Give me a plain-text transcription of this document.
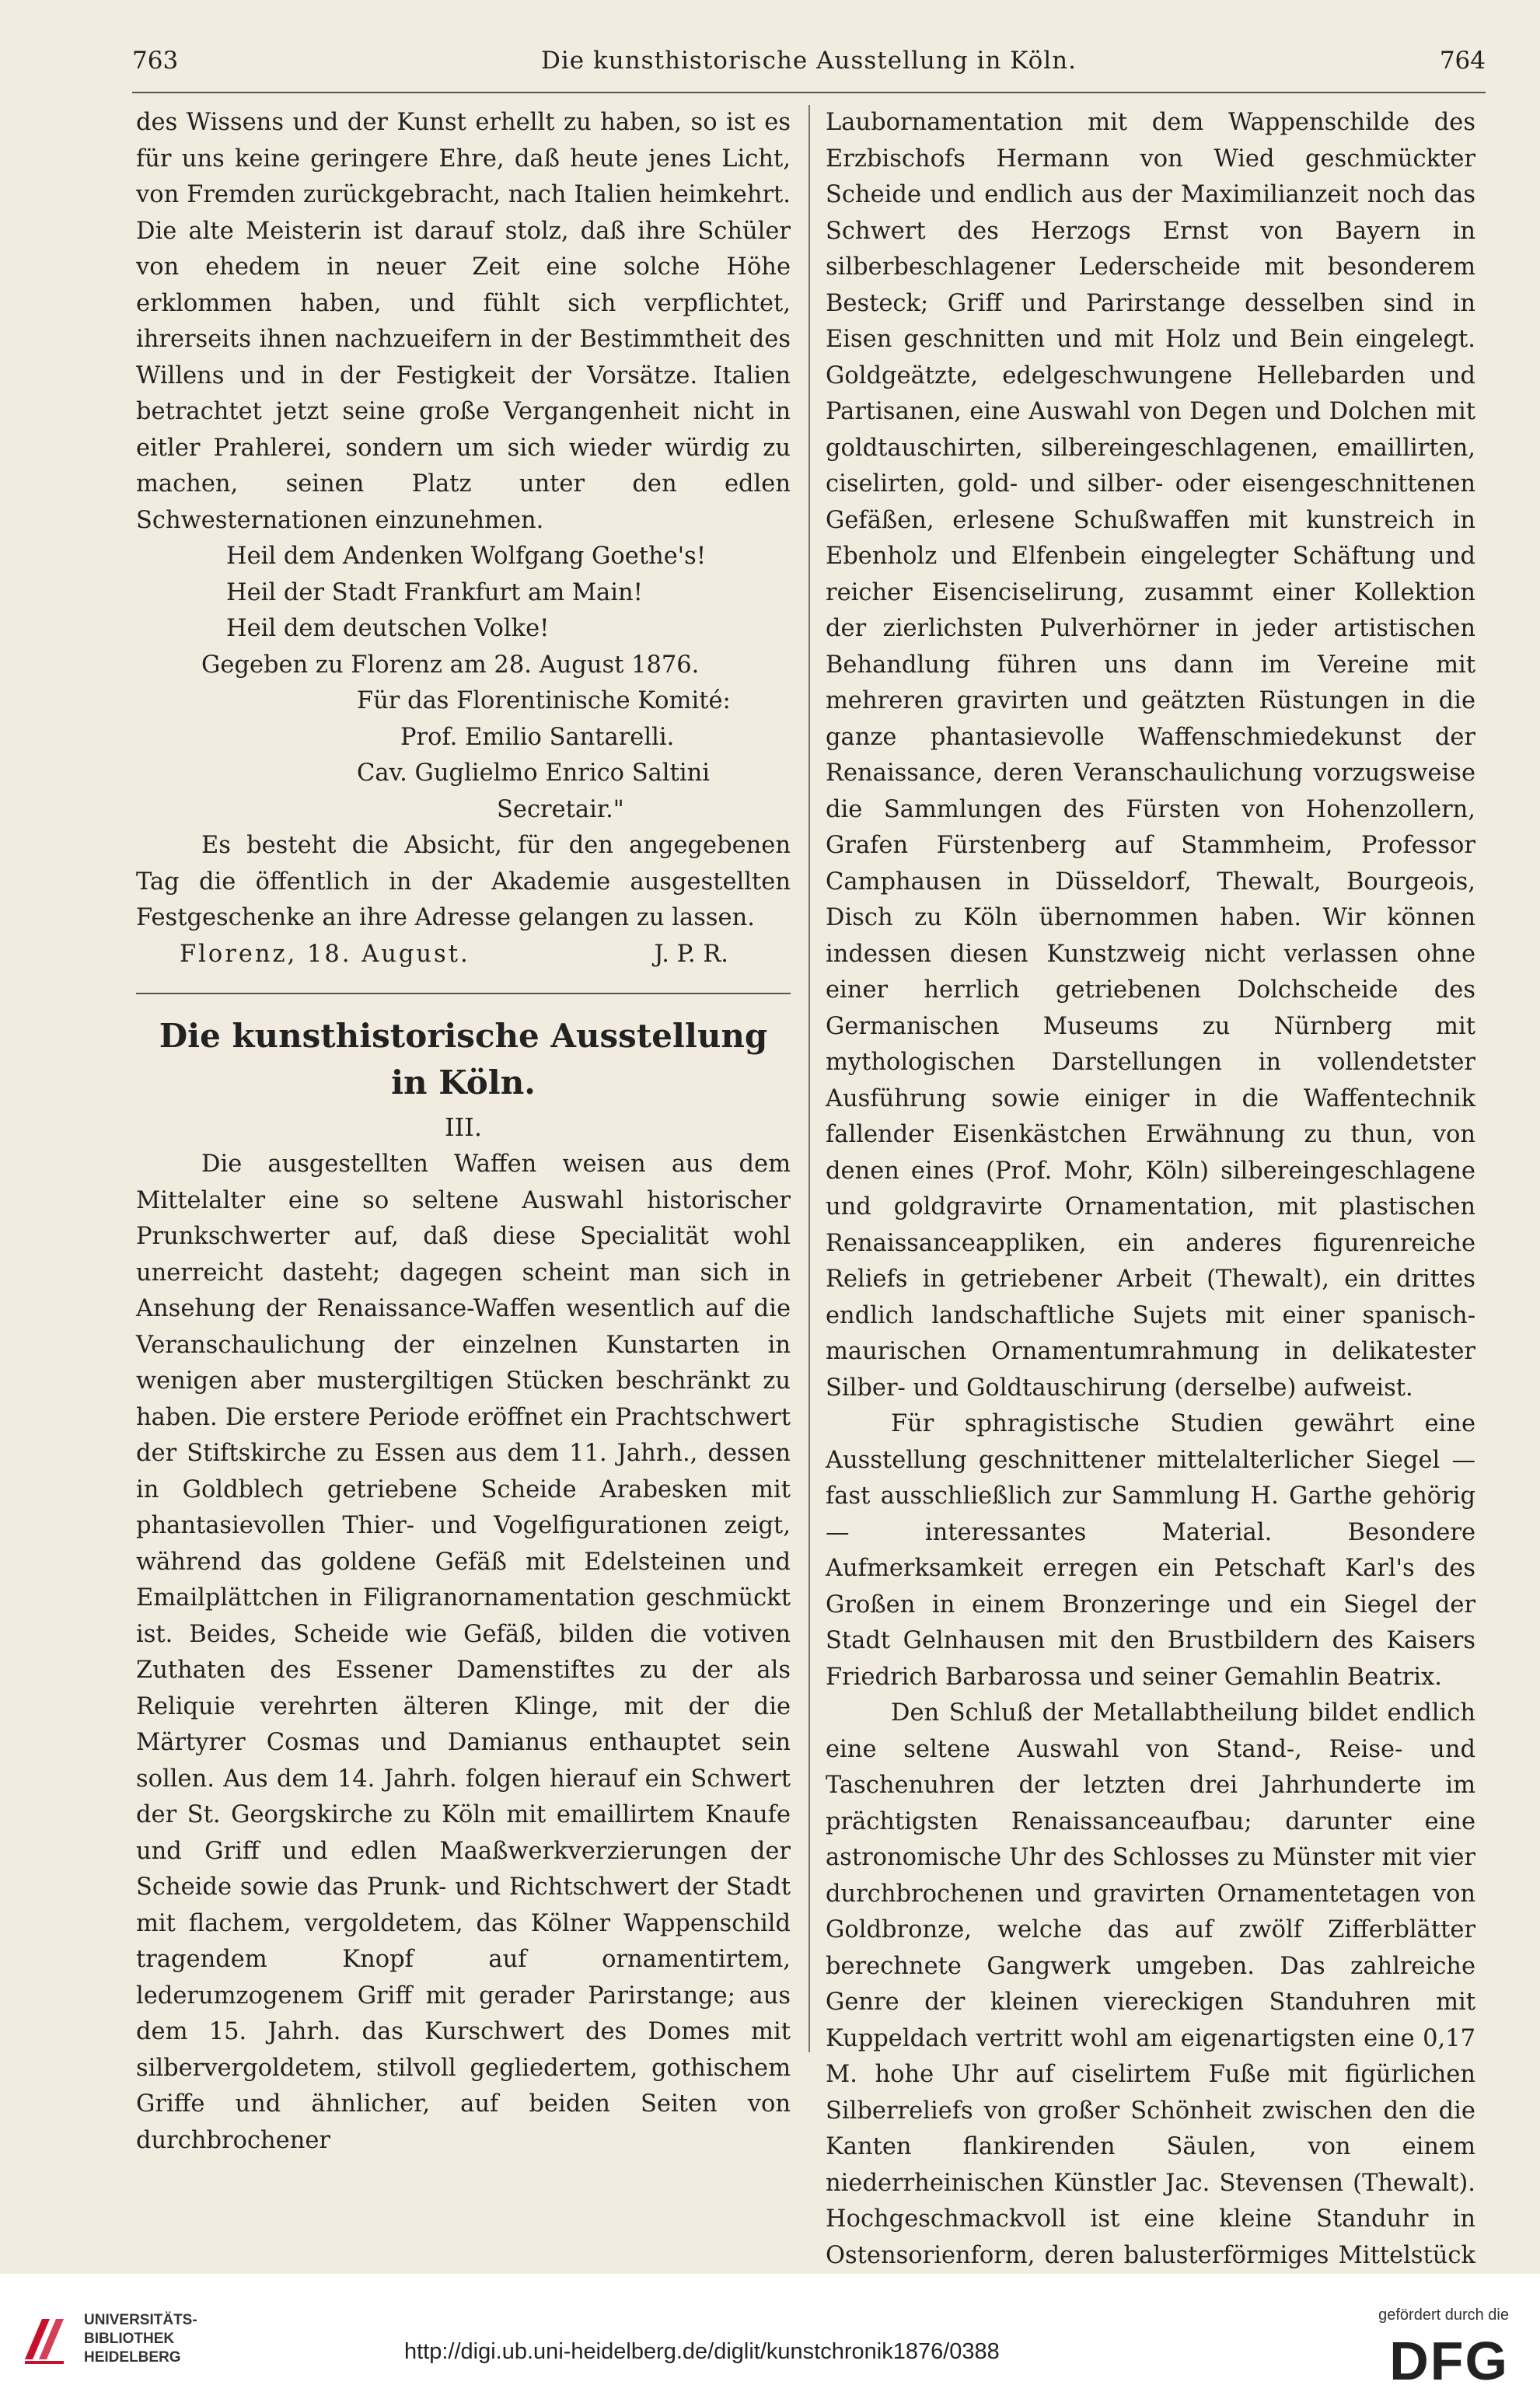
763	Die kunsthistorische Ausstellung in Köln.	764

des Wissens und der Kunst erhellt zu haben, so ist es für uns keine geringere Ehre, daß heute jenes Licht, von Fremden zurückgebracht, nach Italien heimkehrt. Die alte Meisterin ist darauf stolz, daß ihre Schüler von ehedem in neuer Zeit eine solche Höhe erklommen haben, und fühlt sich verpflichtet, ihrerseits ihnen nachzueifern in der Bestimmtheit des Willens und in der Festigkeit der Vorsätze. Italien betrachtet jetzt seine große Vergangenheit nicht in eitler Prahlerei, sondern um sich wieder würdig zu machen, seinen Platz unter den edlen Schwesternationen einzunehmen.

Heil dem Andenken Wolfgang Goethe's!

Heil der Stadt Frankfurt am Main!

Heil dem deutschen Volke!

Gegeben zu Florenz am 28. August 1876.

Für das Florentinische Komité:

Prof. Emilio Santarelli.

Cav. Guglielmo Enrico Saltini

Secretair."

Es besteht die Absicht, für den angegebenen Tag die öffentlich in der Akademie ausgestellten Festgeschenke an ihre Adresse gelangen zu lassen.

Florenz, 18. August.	J. P. R.
Die kunsthistorische Ausstellung in Köln.
III.

Die ausgestellten Waffen weisen aus dem Mittelalter eine so seltene Auswahl historischer Prunkschwerter auf, daß diese Specialität wohl unerreicht dasteht; dagegen scheint man sich in Ansehung der Renaissance-Waffen wesentlich auf die Veranschaulichung der einzelnen Kunstarten in wenigen aber mustergiltigen Stücken beschränkt zu haben. Die erstere Periode eröffnet ein Prachtschwert der Stiftskirche zu Essen aus dem 11. Jahrh., dessen in Goldblech getriebene Scheide Arabesken mit phantasievollen Thier- und Vogelfigurationen zeigt, während das goldene Gefäß mit Edelsteinen und Emailplättchen in Filigranornamentation geschmückt ist. Beides, Scheide wie Gefäß, bilden die votiven Zuthaten des Essener Damenstiftes zu der als Reliquie verehrten älteren Klinge, mit der die Märtyrer Cosmas und Damianus enthauptet sein sollen. Aus dem 14. Jahrh. folgen hierauf ein Schwert der St. Georgskirche zu Köln mit emaillirtem Knaufe und Griff und edlen Maaßwerkverzierungen der Scheide sowie das Prunk- und Richtschwert der Stadt mit flachem, vergoldetem, das Kölner Wappenschild tragendem Knopf auf ornamentirtem, lederumzogenem Griff mit gerader Parirstange; aus dem 15. Jahrh. das Kurschwert des Domes mit silbervergoldetem, stilvoll gegliedertem, gothischem Griffe und ähnlicher, auf beiden Seiten von durchbrochener

Laubornamentation mit dem Wappenschilde des Erzbischofs Hermann von Wied geschmückter Scheide und endlich aus der Maximilianzeit noch das Schwert des Herzogs Ernst von Bayern in silberbeschlagener Lederscheide mit besonderem Besteck; Griff und Parirstange desselben sind in Eisen geschnitten und mit Holz und Bein eingelegt. Goldgeätzte, edelgeschwungene Hellebarden und Partisanen, eine Auswahl von Degen und Dolchen mit goldtauschirten, silbereingeschlagenen, emaillirten, ciselirten, gold- und silber- oder eisengeschnittenen Gefäßen, erlesene Schußwaffen mit kunstreich in Ebenholz und Elfenbein eingelegter Schäftung und reicher Eisenciselirung, zusammt einer Kollektion der zierlichsten Pulverhörner in jeder artistischen Behandlung führen uns dann im Vereine mit mehreren gravirten und geätzten Rüstungen in die ganze phantasievolle Waffenschmiedekunst der Renaissance, deren Veranschaulichung vorzugsweise die Sammlungen des Fürsten von Hohenzollern, Grafen Fürstenberg auf Stammheim, Professor Camphausen in Düsseldorf, Thewalt, Bourgeois, Disch zu Köln übernommen haben. Wir können indessen diesen Kunstzweig nicht verlassen ohne einer herrlich getriebenen Dolchscheide des Germanischen Museums zu Nürnberg mit mythologischen Darstellungen in vollendetster Ausführung sowie einiger in die Waffentechnik fallender Eisenkästchen Erwähnung zu thun, von denen eines (Prof. Mohr, Köln) silbereingeschlagene und goldgravirte Ornamentation, mit plastischen Renaissanceappliken, ein anderes figurenreiche Reliefs in getriebener Arbeit (Thewalt), ein drittes endlich landschaftliche Sujets mit einer spanisch-maurischen Ornamentumrahmung in delikatester Silber- und Goldtauschirung (derselbe) aufweist.

Für sphragistische Studien gewährt eine Ausstellung geschnittener mittelalterlicher Siegel — fast ausschließlich zur Sammlung H. Garthe gehörig — interessantes Material. Besondere Aufmerksamkeit erregen ein Petschaft Karl's des Großen in einem Bronzeringe und ein Siegel der Stadt Gelnhausen mit den Brustbildern des Kaisers Friedrich Barbarossa und seiner Gemahlin Beatrix.

Den Schluß der Metallabtheilung bildet endlich eine seltene Auswahl von Stand-, Reise- und Taschenuhren der letzten drei Jahrhunderte im prächtigsten Renaissanceaufbau; darunter eine astronomische Uhr des Schlosses zu Münster mit vier durchbrochenen und gravirten Ornamentetagen von Goldbronze, welche das auf zwölf Zifferblätter berechnete Gangwerk umgeben. Das zahlreiche Genre der kleinen viereckigen Standuhren mit Kuppeldach vertritt wohl am eigenartigsten eine 0,17 M. hohe Uhr auf ciselirtem Fuße mit figürlichen Silberreliefs von großer Schönheit zwischen den die Kanten flankirenden Säulen, von einem niederrheinischen Künstler Jac. Stevensen (Thewalt). Hochgeschmackvoll ist eine kleine Standuhr in Ostensorienform, deren balusterförmiges Mittelstück

UNIVERSITÄTS-
BIBLIOTHEK
HEIDELBERG	http://digi.ub.uni-heidelberg.de/diglit/kunstchronik1876/0388
gefördert durch die
DFG
